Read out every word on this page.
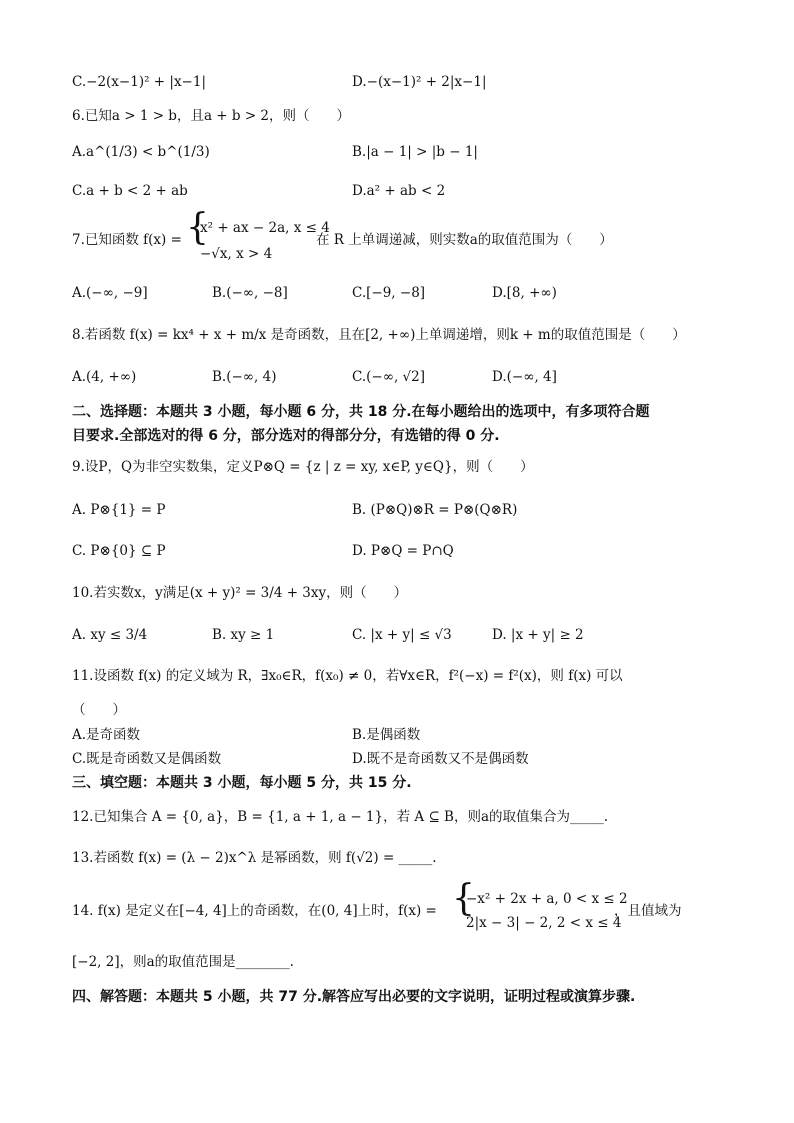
C.−2(x−1)² + |x−1|	D.−(x−1)² + 2|x−1|
6.已知a > 1 > b，且a + b > 2，则（　　）
A.a^(1/3) < b^(1/3)	B.|a − 1| > |b − 1|
C.a + b < 2 + ab	D.a² + ab < 2
7.已知函数 f(x) = {
x² + ax − 2a, x ≤ 4
−√x, x > 4
在 R 上单调递减，则实数a的取值范围为（　　）
A.(−∞, −9]	B.(−∞, −8]	C.[−9, −8]	D.[8, +∞)
8.若函数 f(x) = kx⁴ + x + m/x 是奇函数，且在[2, +∞)上单调递增，则k + m的取值范围是（　　）
A.(4, +∞)	B.(−∞, 4)	C.(−∞, √2]	D.(−∞, 4]
二、选择题：本题共 3 小题，每小题 6 分，共 18 分.在每小题给出的选项中，有多项符合题
目要求.全部选对的得 6 分，部分选对的得部分分，有选错的得 0 分.
9.设P，Q为非空实数集，定义P⊗Q = {z | z = xy, x∈P, y∈Q}，则（　　）
A. P⊗{1} = P	B. (P⊗Q)⊗R = P⊗(Q⊗R)
C. P⊗{0} ⊆ P	D. P⊗Q = P∩Q
10.若实数x，y满足(x + y)² = 3/4 + 3xy，则（　　）
A. xy ≤ 3/4	B. xy ≥ 1	C. |x + y| ≤ √3	D. |x + y| ≥ 2
11.设函数 f(x) 的定义域为 R，∃x₀∈R，f(x₀) ≠ 0，若∀x∈R，f²(−x) = f²(x)，则 f(x) 可以
（　　）
A.是奇函数	B.是偶函数
C.既是奇函数又是偶函数	D.既不是奇函数又不是偶函数
三、填空题：本题共 3 小题，每小题 5 分，共 15 分.
12.已知集合 A = {0, a}，B = {1, a + 1, a − 1}，若 A ⊆ B，则a的取值集合为_____.
13.若函数 f(x) = (λ − 2)x^λ 是幂函数，则 f(√2) = _____.
14. f(x) 是定义在[−4, 4]上的奇函数，在(0, 4]上时，f(x) = {
−x² + 2x + a, 0 < x ≤ 2
2|x − 3| − 2, 2 < x ≤ 4
，且值域为
[−2, 2]，则a的取值范围是________.
四、解答题：本题共 5 小题，共 77 分.解答应写出必要的文字说明，证明过程或演算步骤.
